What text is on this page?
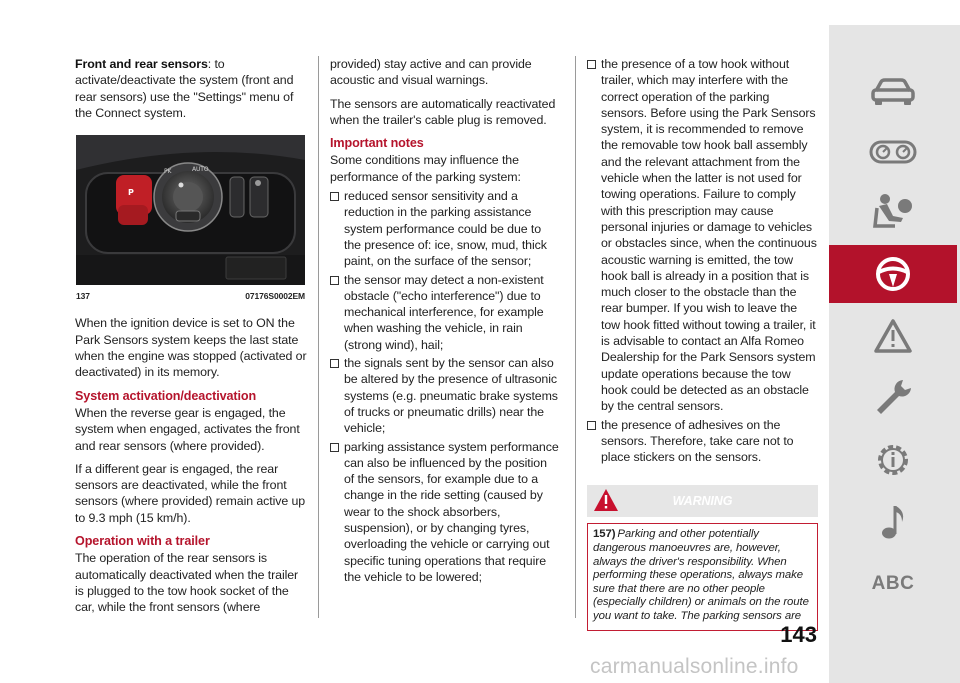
Front and rear sensors: to activate/deactivate the system (front and rear sensors) use the "Settings" menu of the Connect system.

P
PK	AUTO
137	07176S0002EM

When the ignition device is set to ON the Park Sensors system keeps the last state when the engine was stopped (activated or deactivated) in its memory.

System activation/deactivation

When the reverse gear is engaged, the system when engaged, activates the front and rear sensors (where provided).

If a different gear is engaged, the rear sensors are deactivated, while the front sensors (where provided) remain active up to 9.3 mph (15 km/h).

Operation with a trailer

The operation of the rear sensors is automatically deactivated when the trailer is plugged to the tow hook socket of the car, while the front sensors (where

provided) stay active and can provide acoustic and visual warnings.

The sensors are automatically reactivated when the trailer's cable plug is removed.

Important notes

Some conditions may influence the performance of the parking system:

reduced sensor sensitivity and a reduction in the parking assistance system performance could be due to the presence of: ice, snow, mud, thick paint, on the surface of the sensor;
the sensor may detect a non-existent obstacle ("echo interference") due to mechanical interference, for example when washing the vehicle, in rain (strong wind), hail;
the signals sent by the sensor can also be altered by the presence of ultrasonic systems (e.g. pneumatic brake systems of trucks or pneumatic drills) near the vehicle;
parking assistance system performance can also be influenced by the position of the sensors, for example due to a change in the ride setting (caused by wear to the shock absorbers, suspension), or by changing tyres, overloading the vehicle or carrying out specific tuning operations that require the vehicle to be lowered;
the presence of a tow hook without trailer, which may interfere with the correct operation of the parking sensors. Before using the Park Sensors system, it is recommended to remove the removable tow hook ball assembly and the relevant attachment from the vehicle when the latter is not used for towing operations. Failure to comply with this prescription may cause personal injuries or damage to vehicles or obstacles since, when the continuous acoustic warning is emitted, the tow hook ball is already in a position that is much closer to the obstacle than the rear bumper. If you wish to leave the tow hook fitted without towing a trailer, it is advisable to contact an Alfa Romeo Dealership for the Park Sensors system update operations because the tow hook could be detected as an obstacle by the central sensors.
the presence of adhesives on the sensors. Therefore, take care not to place stickers on the sensors.
WARNING
157) Parking and other potentially dangerous manoeuvres are, however, always the driver's responsibility. When performing these operations, always make sure that there are no other people (especially children) or animals on the route you want to take. The parking sensors are
143
ABC
carmanualsonline.info
